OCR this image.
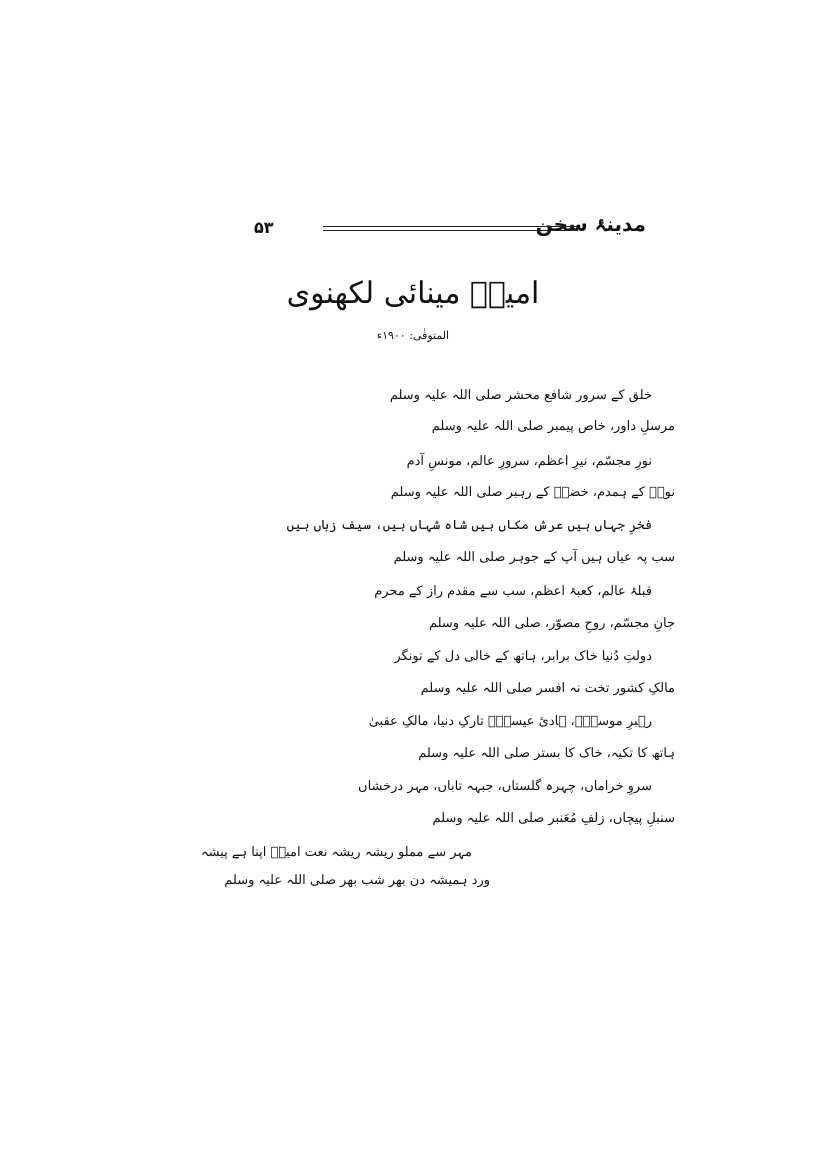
مدینۂ سخن
۵۳
امیرؔ مینائی لکھنوی
المتوفٰی: ۱۹۰۰ء
خلق کے سرور شافع محشر صلی اللہ علیہ وسلم
مرسلِ داور، خاص پیمبر صلی اللہ علیہ وسلم
نورِ مجسّم، نیرِ اعظم، سرورِ عالم، مونسِ آدم
نوحؑ کے ہمدم، خضرؑ کے رہبر صلی اللہ علیہ وسلم
فخرِ جہاں ہیں عرش مکاں ہیں شاہ شہاں ہیں، سیف زباں ہیں
سب پہ عیاں ہیں آپ کے جوہر صلی اللہ علیہ وسلم
قبلۂ عالم، کعبۂ اعظم، سب سے مقدم راز کے محرم
جانِ مجسّم، روحِ مصوّر، صلی اللہ علیہ وسلم
دولتِ دُنیا خاک برابر، ہاتھ کے خالی دل کے تونگر
مالکِ کشور تخت نہ افسر صلی اللہ علیہ وسلم
رہبرِ موسیٰؑ، ہادیٔ عیسیٰؑ تارکِ دنیا، مالکِ عقبیٰ
ہاتھ کا تکیہ، خاک کا بستر صلی اللہ علیہ وسلم
سروِ خراماں، چہرہ گلستاں، جبہہ تاباں، مہر درخشاں
سنبلِ پیچاں، زلفِ مُعَنبر صلی اللہ علیہ وسلم
مہر سے مملو ریشہ ریشہ نعت امیرؔ اپنا ہے پیشہ
ورد ہمیشہ دن بھر شب بھر صلی اللہ علیہ وسلم
